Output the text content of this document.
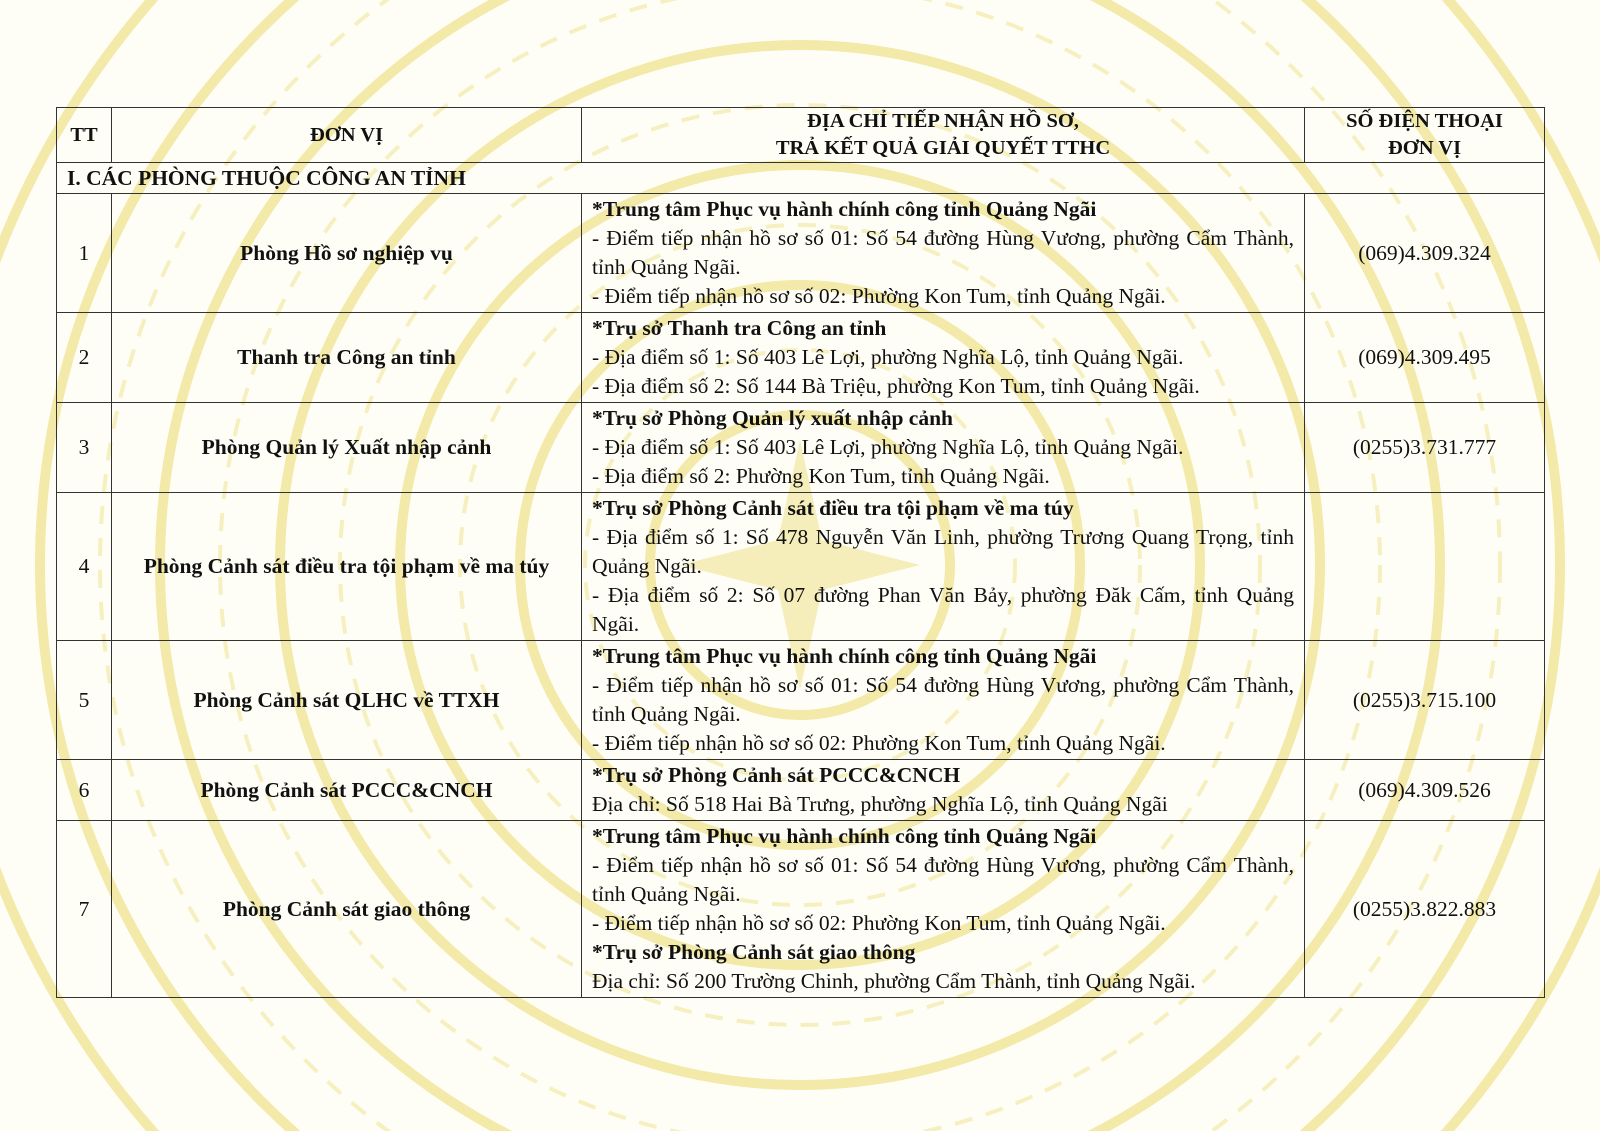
TT	ĐƠN VỊ	ĐỊA CHỈ TIẾP NHẬN HỒ SƠ,
TRẢ KẾT QUẢ GIẢI QUYẾT TTHC	SỐ ĐIỆN THOẠI
ĐƠN VỊ

I. CÁC PHÒNG THUỘC CÔNG AN TỈNH			
1	Phòng Hồ sơ nghiệp vụ	*Trung tâm Phục vụ hành chính công tỉnh Quảng Ngãi
- Điểm tiếp nhận hồ sơ số 01: Số 54 đường Hùng Vương, phường Cẩm Thành, tỉnh Quảng Ngãi.
- Điểm tiếp nhận hồ sơ số 02: Phường Kon Tum, tỉnh Quảng Ngãi.	(069)4.309.324
2	Thanh tra Công an tỉnh	*Trụ sở Thanh tra Công an tỉnh
- Địa điểm số 1: Số 403 Lê Lợi, phường Nghĩa Lộ, tỉnh Quảng Ngãi.
- Địa điểm số 2: Số 144 Bà Triệu, phường Kon Tum, tỉnh Quảng Ngãi.	(069)4.309.495
3	Phòng Quản lý Xuất nhập cảnh	*Trụ sở Phòng Quản lý xuất nhập cảnh
- Địa điểm số 1: Số 403 Lê Lợi, phường Nghĩa Lộ, tỉnh Quảng Ngãi.
- Địa điểm số 2: Phường Kon Tum, tỉnh Quảng Ngãi.	(0255)3.731.777
4	Phòng Cảnh sát điều tra tội phạm về ma túy	*Trụ sở Phòng Cảnh sát điều tra tội phạm về ma túy
- Địa điểm số 1: Số 478 Nguyễn Văn Linh, phường Trương Quang Trọng, tỉnh Quảng Ngãi.
- Địa điểm số 2: Số 07 đường Phan Văn Bảy, phường Đăk Cấm, tỉnh Quảng Ngãi.	

5	Phòng Cảnh sát QLHC về TTXH	*Trung tâm Phục vụ hành chính công tỉnh Quảng Ngãi
- Điểm tiếp nhận hồ sơ số 01: Số 54 đường Hùng Vương, phường Cẩm Thành, tỉnh Quảng Ngãi.
- Điểm tiếp nhận hồ sơ số 02: Phường Kon Tum, tỉnh Quảng Ngãi.	(0255)3.715.100
6	Phòng Cảnh sát PCCC&CNCH	*Trụ sở Phòng Cảnh sát PCCC&CNCH
Địa chỉ: Số 518 Hai Bà Trưng, phường Nghĩa Lộ, tỉnh Quảng Ngãi	(069)4.309.526
7	Phòng Cảnh sát giao thông	*Trung tâm Phục vụ hành chính công tỉnh Quảng Ngãi
- Điểm tiếp nhận hồ sơ số 01: Số 54 đường Hùng Vương, phường Cẩm Thành, tỉnh Quảng Ngãi.
- Điểm tiếp nhận hồ sơ số 02: Phường Kon Tum, tỉnh Quảng Ngãi.
*Trụ sở Phòng Cảnh sát giao thông
Địa chỉ: Số 200 Trường Chinh, phường Cẩm Thành, tỉnh Quảng Ngãi.	(0255)3.822.883
